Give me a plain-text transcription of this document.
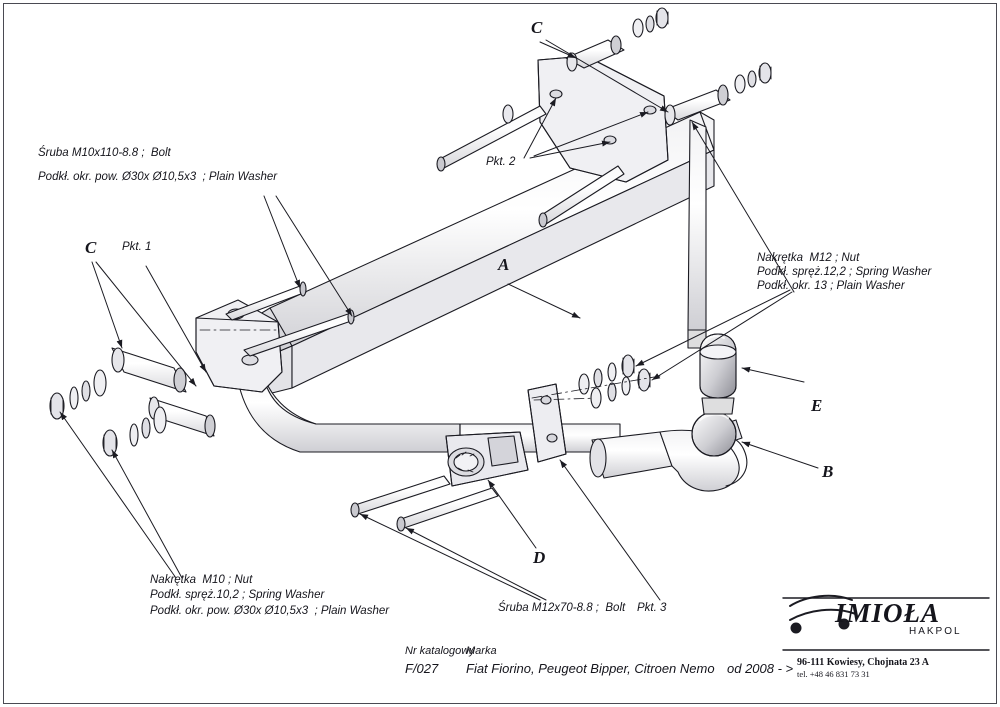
A
B
C
C
D
E
Pkt. 1
Pkt. 2
Pkt. 3
Śruba M10x110-8.8 ;  Bolt
Podkł. okr. pow. Ø30x Ø10,5x3  ; Plain Washer
Nakrętka  M12 ; Nut
Podkł. spręż.12,2 ; Spring Washer
Podkł. okr. 13 ; Plain Washer
Nakrętka  M10 ; Nut
Podkł. spręż.10,2 ; Spring Washer
Podkł. okr. pow. Ø30x Ø10,5x3  ; Plain Washer	Śruba M12x70-8.8 ;  Bolt
Nr katalogowy
F/027
Marka
Fiat Fiorino, Peugeot Bipper, Citroen Nemo od 2008 - >
IMIOŁA
HAKPOL
96-111 Kowiesy, Chojnata 23 A
tel. +48 46 831 73 31
